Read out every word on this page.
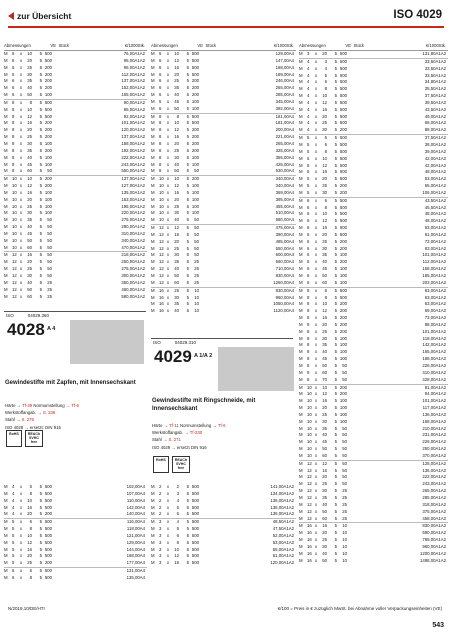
zur Übersicht	ISO 4029
Abmessungen	VE Stück	€/1000Stk.
M	6	x	10	5 500	76,00A1A2
M	6	x	20	5 500	95,00A1A2
M	6	x	25	5 200	95,00A1A2
M	6	x	30	5 200	112,00A1A2
M	6	x	35	5 200	137,00A1A2
M	6	x	40	5 200	152,00A1A2
M	6	x	50	5 100	165,00A1A2
M	8	x	8	5 500	90,00A1A2
M	8	x	10	5 500	85,00A1A2
M	8	x	12	5 500	92,00A1A2
M	8	x	16	5 200	101,00A1A2
M	8	x	20	5 200	120,00A1A2
M	8	x	25	5 200	137,00A1A2
M	8	x	30	5 100	158,00A1A2
M	8	x	35	5 200	192,00A1A2
M	8	x	40	5 100	222,00A1A2
M	8	x	45	5 100	243,00A1A2
M	8	x	60	5	50	550,00A1A2
M	10 x	10	5 200	137,00A1A2
M	10 x	12	5 200	127,00A1A2
M	10 x	16	5 100	135,00A1A2
M	10 x	20	5 100	163,00A1A2
M	10 x	25	5 100	195,00A1A2
M	10 x	30	5 100	220,00A1A2
M	10 x	35	5	50	275,00A1A2
M	10 x	40	5	50	290,00A1A2
M	10 x	45	5	50	310,00A1A2
M	10 x	50	5	50	340,00A1A2
M	10 x	60	5	50	470,00A1A2
M	12 x	16	5	50	218,00A1A2
M	12 x	20	5	50	250,00A1A2
M	12 x	25	5	50	275,00A1A2
M	12 x	30	5	50	300,00A1A2
M	12 x	40	5	25	360,00A1A2
M	12 x	50	5	25	460,00A1A2
M	12 x	60	5	25	580,00A1A2
Abmessungen	VE Stück	€/1000Stk.
M	6	x	10	5 500	129,00A4
M	6	x	12	5 500	147,00A4
M	6	x	16	5 500	168,00A4
M	6	x	20	5 500	189,00A4
M	6	x	25	5 200	246,00A4
M	6	x	35	5 200	265,00A4
M	6	x	40	5 200	285,00A4
M	6	x	45	5 100	345,00A4
M	6	x	50	5 100	392,00A4
M	8	x	8	5 500	181,00A4
M	8	x	10	5 500	181,00A4
M	8	x	12	5 200	200,00A4
M	8	x	16	5 200	221,00A4
M	8	x	20	5 200	265,00A4
M	8	x	25	5 200	325,00A4
M	8	x	30	5 100	355,00A4
M	8	x	40	5 100	425,00A4
M	8	x	50	5	50	530,00A4
M	10 x	10	5 200	340,00A4
M	10 x	12	5 100	340,00A4
M	10 x	16	5 100	369,00A4
M	10 x	20	5 100	395,00A4
M	10 x	25	5 100	455,00A4
M	10 x	30	5 100	510,00A4
M	10 x	40	5	50	580,00A4
M	12 x	12	5	50	475,00A4
M	12 x	16	5	50	390,00A4
M	12 x	20	5	50	485,00A4
M	12 x	25	5	50	550,00A4
M	12 x	30	5	50	600,00A4
M	12 x	35	5	25	660,00A4
M	12 x	40	5	25	710,00A4
M	12 x	50	5	25	830,00A4
M	12 x	60	5	25	1260,00A4
M	16 x	25	5	10	830,00A4
M	16 x	30	5	10	960,00A4
M	16 x	35	5	10	1050,00A4
M	16 x	40	5	10	1120,00A4
Abmessungen	VE Stück	€/1000Stk.
M	3	x	20	5 500	131,80A1A2
M	4	x	3	5 500	33,50A1A2
M	4	x	4	5 500	33,50A1A2
M	4	x	5	5 500	33,50A1A2
M	4	x	6	5 500	34,80A1A2
M	4	x	8	5 500	35,50A1A2
M	4	x	10	5 500	37,50A1A2
M	4	x	12	5 500	39,50A1A2
M	4	x	16	5 500	43,50A1A2
M	4	x	20	5 500	49,00A1A2
M	4	x	25	5 500	68,00A1A2
M	4	x	30	5 200	88,00A1A2
M	5	x	5	5 500	37,50A1A2
M	5	x	6	5 500	38,00A1A2
M	5	x	8	5 500	39,00A1A2
M	5	x	10	5 500	42,00A1A2
M	5	x	12	5 500	42,00A1A2
M	5	x	16	5 500	48,00A1A2
M	5	x	20	5 500	53,00A1A2
M	5	x	25	5 200	65,00A1A2
M	5	x	30	5 200	106,00A1A2
M	6	x	6	5 500	43,50A1A2
M	6	x	8	5 500	45,50A1A2
M	6	x	10	5 500	48,00A1A2
M	6	x	12	5 500	48,00A1A2
M	6	x	16	5 500	53,00A1A2
M	6	x	20	5 500	61,00A1A2
M	6	x	25	5 200	73,00A1A2
M	6	x	30	5 200	83,00A1A2
M	6	x	35	5 100	101,00A1A2
M	6	x	40	5 200	112,00A1A2
M	6	x	45	5 100	158,00A1A2
M	6	x	50	5 100	165,00A1A2
M	6	x	60	5 100	203,00A1A2
M	8	x	6	5 500	63,00A1A2
M	8	x	8	5 500	63,00A1A2
M	8	x	10	5 200	63,00A1A2
M	8	x	12	5 200	69,00A1A2
M	8	x	16	5 200	73,00A1A2
M	8	x	20	5 200	88,00A1A2
M	8	x	25	5 200	101,00A1A2
M	8	x	30	5 100	118,00A1A2
M	8	x	35	5 100	142,00A1A2
M	8	x	40	5 100	165,00A1A2
M	8	x	45	5 100	188,00A1A2
M	8	x	50	5	50	226,00A1A2
M	8	x	60	5	50	410,00A1A2
M	8	x	70	5	50	428,00A1A2
M	10 x	10	5 200	81,00A1A2
M	10 x	12	5 200	94,00A1A2
M	10 x	16	5 100	101,00A1A2
M	10 x	20	5 100	117,00A1A2
M	10 x	25	5 100	136,00A1A2
M	10 x	30	5 100	168,00A1A2
M	10 x	35	5	50	210,00A1A2
M	10 x	40	5	50	231,00A1A2
M	10 x	45	5	50	226,00A1A2
M	10 x	50	5	50	250,00A1A2
M	10 x	60	5	50	370,00A1A2
M	12 x	12	5	50	128,00A1A2
M	12 x	16	5	50	136,00A1A2
M	12 x	20	5	50	222,00A1A2
M	12 x	25	5	50	243,00A1A2
M	12 x	30	5	25	265,00A1A2
M	12 x	35	5	25	285,00A1A2
M	12 x	40	5	25	318,00A1A2
M	12 x	50	5	25	375,00A1A2
M	12 x	60	5	25	458,00A1A2
M	16 x	16	5	10	830,00A1A2
M	16 x	20	5	10	690,00A1A2
M	16 x	25	5	10	768,00A1A2
M	16 x	30	5	10	960,00A1A2
M	16 x	40	5	10	1200,00A1A2
M	16 x	50	5	10	1498,00A1A2
ISO	04029.360
4028 A 4
Gewindestifte mit Zapfen, mit Innensechskant
Härte → Tf-39 Normumstellung → Tf-6
Werkstoffangab. → S. 336
Stahl → S. 279
ISO 4028 → ersetzt: DIN 915
RoHS	REACh
SVHC
free
ISO	04029.310
4029 A 1/A 2
Gewindestifte mit Ringschneide, mit Innensechskant
Härte → Tf-11 Normumstellung → Tf-6
Werkstoffangab. → Tf-230
Stahl → S. 271
ISO 4029 → ersetzt DIN 916
RoHS	REACh
SVHC
free
M	4	x	6	5 500	102,00A4
M	4	x	8	5 500	107,00A4
M	4	x	10	5 500	110,00A4
M	4	x	16	5 500	142,00A4
M	4	x	20	5 200	140,00A4
M	5	x	6	5 500	116,00A4
M	5	x	8	5 500	118,00A4
M	5	x	10	5 500	121,00A4
M	5	x	12	5 500	129,00A4
M	5	x	16	5 500	144,00A4
M	5	x	20	5 500	168,00A4
M	5	x	25	5 200	177,00A4
M	6	x	6	5 500	131,00A4
M	6	x	8	5 500	135,00A4
M	2	x	2	5 500	141,00A1A2
M	2	x	3	5 500	134,00A1A2
M	2	x	4	5 500	136,00A1A2
M	2	x	5	5 500	136,00A1A2
M	2	x	6	5 500	136,00A1A2
M	3	x	4	5 500	48,50A1A2
M	3	x	5	5 500	47,50A1A2
M	3	x	6	5 500	52,00A1A2
M	3	x	8	5 500	53,00A1A2
M	3	x	10	5 500	55,00A1A2
M	3	x	12	5 500	61,00A1A2
M	3	x	16	5 500	120,00A1A2
N/2019,10/DE/HTI	€/100 = Preis in € zuzüglich MwSt. bei Abnahme voller Verpackungseinheiten (VE)
543
